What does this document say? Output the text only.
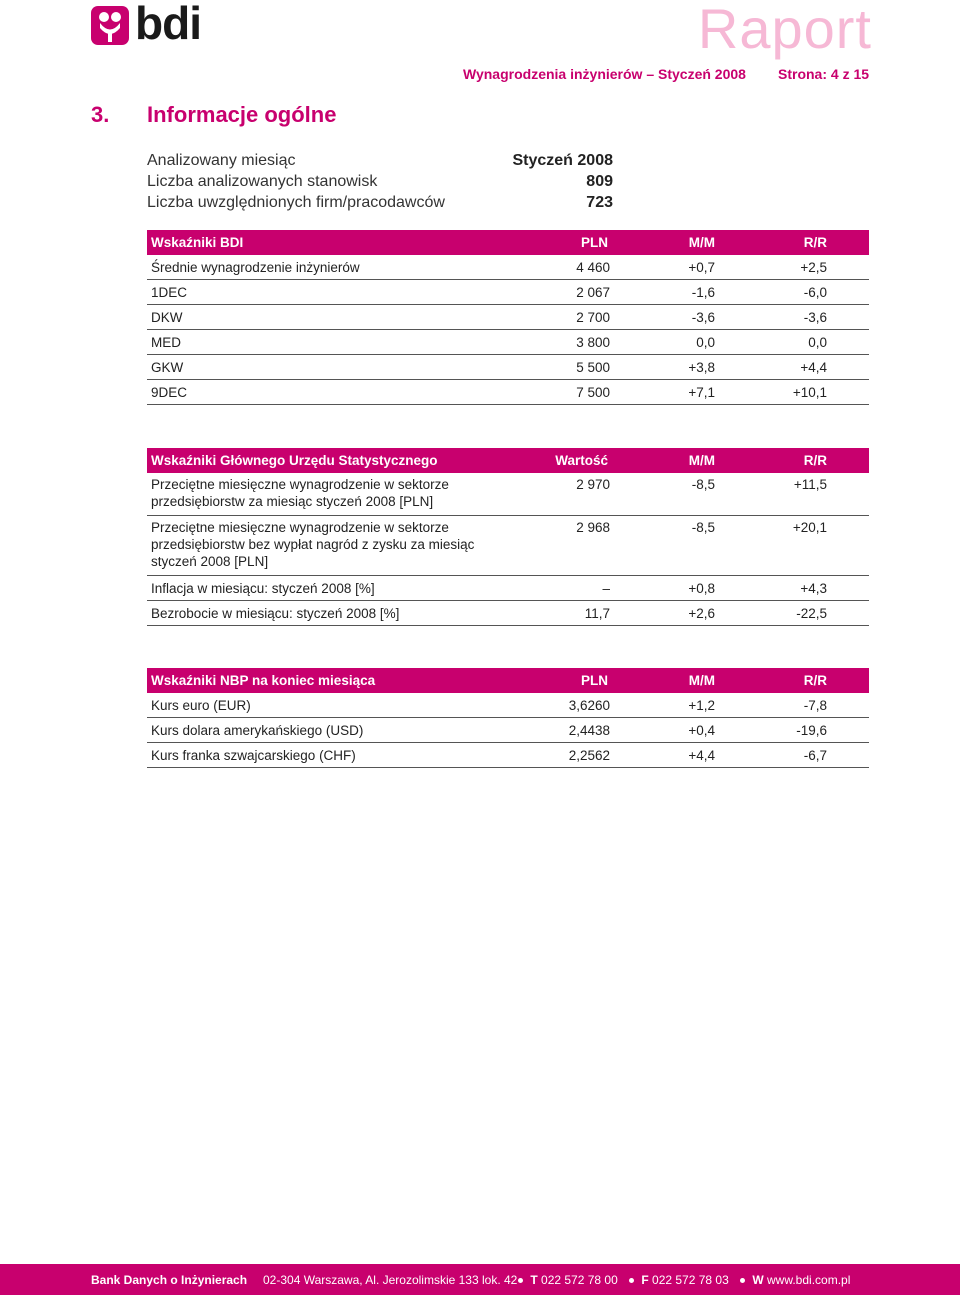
bdi	Raport
Wynagrodzenia inżynierów – Styczeń 2008 Strona: 4 z 15
3. Informacje ogólne
Analizowany miesiąc	Styczeń 2008
Liczba analizowanych stanowisk	809
Liczba uwzględnionych firm/pracodawców	723
Wskaźniki BDI	PLN	M/M	R/R
Średnie wynagrodzenie inżynierów	4 460	+0,7	+2,5
1DEC	2 067	-1,6	-6,0
DKW	2 700	-3,6	-3,6
MED	3 800	0,0	0,0
GKW	5 500	+3,8	+4,4
9DEC	7 500	+7,1	+10,1
Wskaźniki Głównego Urzędu Statystycznego	Wartość	M/M	R/R
Przeciętne miesięczne wynagrodzenie w sektorze przedsiębiorstw za miesiąc styczeń 2008 [PLN]	2 970	-8,5	+11,5
Przeciętne miesięczne wynagrodzenie w sektorze przedsiębiorstw bez wypłat nagród z zysku za miesiąc styczeń 2008 [PLN]	2 968	-8,5	+20,1
Inflacja w miesiącu: styczeń 2008 [%]	–	+0,8	+4,3
Bezrobocie w miesiącu: styczeń 2008 [%]	11,7	+2,6	-22,5
Wskaźniki NBP na koniec miesiąca	PLN	M/M	R/R
Kurs euro (EUR)	3,6260	+1,2	-7,8
Kurs dolara amerykańskiego (USD)	2,4438	+0,4	-19,6
Kurs franka szwajcarskiego (CHF)	2,2562	+4,4	-6,7
Bank Danych o Inżynierach 02-304 Warszawa, Al. Jerozolimskie 133 lok. 42	T 022 572 78 00	F 022 572 78 03	W www.bdi.com.pl
